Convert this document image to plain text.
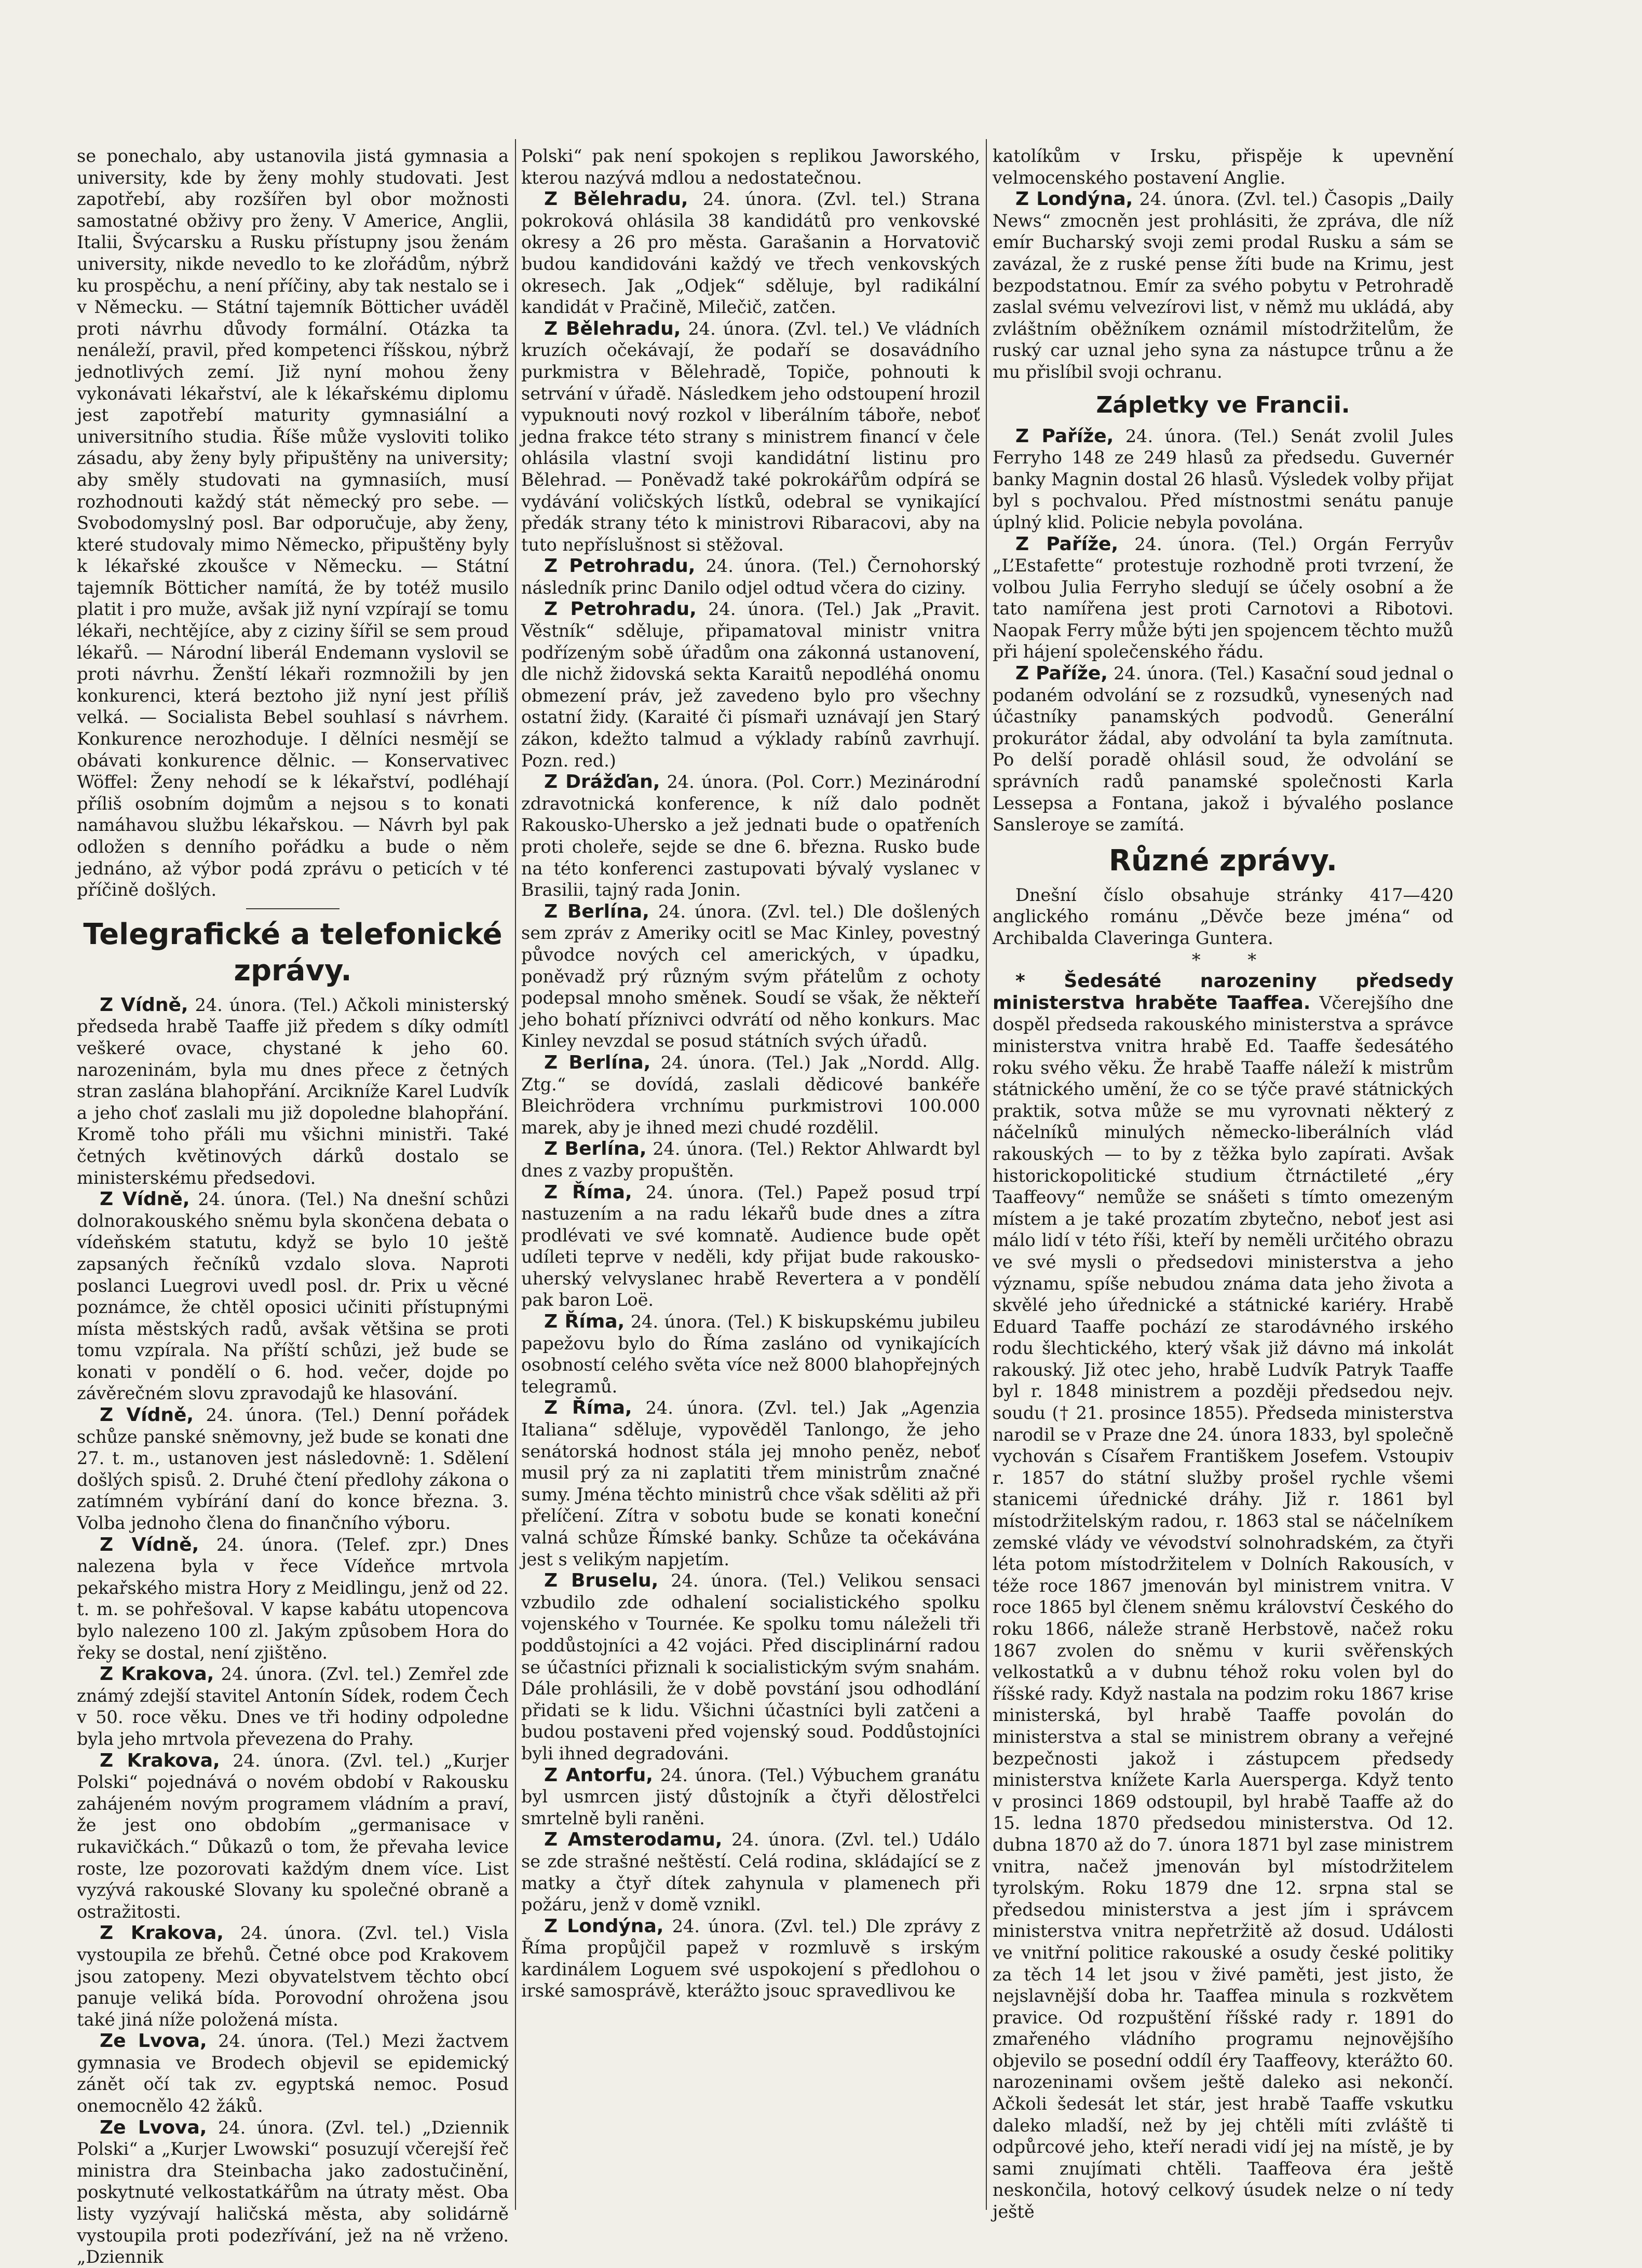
se ponechalo, aby ustanovila jistá gymnasia a university, kde by ženy mohly studovati. Jest zapotřebí, aby rozšířen byl obor možnosti samostatné obživy pro ženy. V Americe, Anglii, Italii, Švýcarsku a Rusku přístupny jsou ženám university, nikde nevedlo to ke zlořádům, nýbrž ku prospěchu, a není příčiny, aby tak nestalo se i v Německu. — Státní tajemník Bötticher uváděl proti návrhu důvody formální. Otázka ta nenáleží, pravil, před kompetenci říšskou, nýbrž jednotlivých zemí. Již nyní mohou ženy vykonávati lékařství, ale k lékařskému diplomu jest zapotřebí maturity gymnasiální a universitního studia. Říše může vysloviti toliko zásadu, aby ženy byly připuštěny na university; aby směly studovati na gymnasiích, musí rozhodnouti každý stát německý pro sebe. — Svobodomyslný posl. Bar odporučuje, aby ženy, které studovaly mimo Německo, připuštěny byly k lékařské zkoušce v Německu. — Státní tajemník Bötticher namítá, že by totéž musilo platit i pro muže, avšak již nyní vzpírají se tomu lékaři, nechtějíce, aby z ciziny šířil se sem proud lékařů. — Národní liberál Endemann vyslovil se proti návrhu. Ženští lékaři rozmnožili by jen konkurenci, která beztoho již nyní jest příliš velká. — Socialista Bebel souhlasí s návrhem. Konkurence nerozhoduje. I dělníci nesmějí se obávati konkurence dělnic. — Konservativec Wöffel: Ženy nehodí se k lékařství, podléhají příliš osobním dojmům a nejsou s to konati namáhavou službu lékařskou. — Návrh byl pak odložen s denního pořádku a bude o něm jednáno, až výbor podá zprávu o peticích v té příčině došlých.

Telegrafické a telefonické zprávy.

Z Vídně, 24. února. (Tel.) Ačkoli ministerský předseda hrabě Taaffe již předem s díky odmítl veškeré ovace, chystané k jeho 60. narozeninám, byla mu dnes přece z četných stran zaslána blahopřání. Arcikníže Karel Ludvík a jeho choť zaslali mu již dopoledne blahopřání. Kromě toho přáli mu všichni ministři. Také četných květinových dárků dostalo se ministerskému předsedovi.

Z Vídně, 24. února. (Tel.) Na dnešní schůzi dolnorakouského sněmu byla skončena debata o vídeňském statutu, když se bylo 10 ještě zapsaných řečníků vzdalo slova. Naproti poslanci Luegrovi uvedl posl. dr. Prix u věcné poznámce, že chtěl oposici učiniti přístupnými místa městských radů, avšak většina se proti tomu vzpírala. Na příští schůzi, jež bude se konati v pondělí o 6. hod. večer, dojde po závěrečném slovu zpravodajů ke hlasování.

Z Vídně, 24. února. (Tel.) Denní pořádek schůze panské sněmovny, jež bude se konati dne 27. t. m., ustanoven jest následovně: 1. Sdělení došlých spisů. 2. Druhé čtení předlohy zákona o zatímném vybírání daní do konce března. 3. Volba jednoho člena do finančního výboru.

Z Vídně, 24. února. (Telef. zpr.) Dnes nalezena byla v řece Vídeňce mrtvola pekařského mistra Hory z Meidlingu, jenž od 22. t. m. se pohřešoval. V kapse kabátu utopencova bylo nalezeno 100 zl. Jakým způsobem Hora do řeky se dostal, není zjištěno.

Z Krakova, 24. února. (Zvl. tel.) Zemřel zde známý zdejší stavitel Antonín Sídek, rodem Čech v 50. roce věku. Dnes ve tři hodiny odpoledne byla jeho mrtvola převezena do Prahy.

Z Krakova, 24. února. (Zvl. tel.) „Kurjer Polski“ pojednává o novém období v Rakousku zahájeném novým programem vládním a praví, že jest ono obdobím „germanisace v rukavičkách.“ Důkazů o tom, že převaha levice roste, lze pozorovati každým dnem více. List vyzývá rakouské Slovany ku společné obraně a ostražitosti.

Z Krakova, 24. února. (Zvl. tel.) Visla vystoupila ze břehů. Četné obce pod Krakovem jsou zatopeny. Mezi obyvatelstvem těchto obcí panuje veliká bída. Porovodní ohrožena jsou také jiná níže položená místa.

Ze Lvova, 24. února. (Tel.) Mezi žactvem gymnasia ve Brodech objevil se epidemický zánět očí tak zv. egyptská nemoc. Posud onemocnělo 42 žáků.

Ze Lvova, 24. února. (Zvl. tel.) „Dziennik Polski“ a „Kurjer Lwowski“ posuzují včerejší řeč ministra dra Steinbacha jako zadostučinění, poskytnuté velkostatkářům na útraty měst. Oba listy vyzývají haličská města, aby solidárně vystoupila proti podezřívání, jež na ně vrženo. „Dziennik

Polski“ pak není spokojen s replikou Jaworského, kterou nazývá mdlou a nedostatečnou.

Z Bělehradu, 24. února. (Zvl. tel.) Strana pokroková ohlásila 38 kandidátů pro venkovské okresy a 26 pro města. Garašanin a Horvatovič budou kandidováni každý ve třech venkovských okresech. Jak „Odjek“ sděluje, byl radikální kandidát v Pračině, Milečič, zatčen.

Z Bělehradu, 24. února. (Zvl. tel.) Ve vládních kruzích očekávají, že podaří se dosavádního purkmistra v Bělehradě, Topiče, pohnouti k setrvání v úřadě. Následkem jeho odstoupení hrozil vypuknouti nový rozkol v liberálním táboře, neboť jedna frakce této strany s ministrem financí v čele ohlásila vlastní svoji kandidátní listinu pro Bělehrad. — Poněvadž také pokrokářům odpírá se vydávání voličských lístků, odebral se vynikající předák strany této k ministrovi Ribaracovi, aby na tuto nepříslušnost si stěžoval.

Z Petrohradu, 24. února. (Tel.) Černohorský následník princ Danilo odjel odtud včera do ciziny.

Z Petrohradu, 24. února. (Tel.) Jak „Pravit. Věstník“ sděluje, připamatoval ministr vnitra podřízeným sobě úřadům ona zákonná ustanovení, dle nichž židovská sekta Karaitů nepodléhá onomu obmezení práv, jež zavedeno bylo pro všechny ostatní židy. (Karaité či písmaři uznávají jen Starý zákon, kdežto talmud a výklady rabínů zavrhují. Pozn. red.)

Z Drážďan, 24. února. (Pol. Corr.) Mezinárodní zdravotnická konference, k níž dalo podnět Rakousko-Uhersko a jež jednati bude o opatřeních proti choleře, sejde se dne 6. března. Rusko bude na této konferenci zastupovati bývalý vyslanec v Brasilii, tajný rada Jonin.

Z Berlína, 24. února. (Zvl. tel.) Dle došlených sem zpráv z Ameriky ocitl se Mac Kinley, povestný původce nových cel amerických, v úpadku, poněvadž prý různým svým přátelům z ochoty podepsal mnoho směnek. Soudí se však, že někteří jeho bohatí příznivci odvrátí od něho konkurs. Mac Kinley nevzdal se posud státních svých úřadů.

Z Berlína, 24. února. (Tel.) Jak „Nordd. Allg. Ztg.“ se dovídá, zaslali dědicové bankéře Bleichrödera vrchnímu purkmistrovi 100.000 marek, aby je ihned mezi chudé rozdělil.

Z Berlína, 24. února. (Tel.) Rektor Ahlwardt byl dnes z vazby propuštěn.

Z Říma, 24. února. (Tel.) Papež posud trpí nastuzením a na radu lékařů bude dnes a zítra prodlévati ve své komnatě. Audience bude opět udíleti teprve v neděli, kdy přijat bude rakousko-uherský velvyslanec hrabě Revertera a v pondělí pak baron Loë.

Z Říma, 24. února. (Tel.) K biskupskému jubileu papežovu bylo do Říma zasláno od vynikajících osobností celého světa více než 8000 blahopřejných telegramů.

Z Říma, 24. února. (Zvl. tel.) Jak „Agenzia Italiana“ sděluje, vypověděl Tanlongo, že jeho senátorská hodnost stála jej mnoho peněz, neboť musil prý za ni zaplatiti třem ministrům značné sumy. Jména těchto ministrů chce však sděliti až při přelíčení. Zítra v sobotu bude se konati koneční valná schůze Římské banky. Schůze ta očekávána jest s velikým napjetím.

Z Bruselu, 24. února. (Tel.) Velikou sensaci vzbudilo zde odhalení socialistického spolku vojenského v Tournée. Ke spolku tomu náleželi tři poddůstojníci a 42 vojáci. Před disciplinární radou se účastníci přiznali k socialistickým svým snahám. Dále prohlásili, že v době povstání jsou odhodlání přidati se k lidu. Všichni účastníci byli zatčeni a budou postaveni před vojenský soud. Poddůstojníci byli ihned degradováni.

Z Antorfu, 24. února. (Tel.) Výbuchem granátu byl usmrcen jistý důstojník a čtyři dělostřelci smrtelně byli raněni.

Z Amsterodamu, 24. února. (Zvl. tel.) Událo se zde strašné neštěstí. Celá rodina, skládající se z matky a čtyř dítek zahynula v plamenech při požáru, jenž v domě vznikl.

Z Londýna, 24. února. (Zvl. tel.) Dle zprávy z Říma propůjčil papež v rozmluvě s irským kardinálem Loguem své uspokojení s předlohou o irské samosprávě, kterážto jsouc spravedlivou ke

katolíkům v Irsku, přispěje k upevnění velmocenského postavení Anglie.

Z Londýna, 24. února. (Zvl. tel.) Časopis „Daily News“ zmocněn jest prohlásiti, že zpráva, dle níž emír Bucharský svoji zemi prodal Rusku a sám se zavázal, že z ruské pense žíti bude na Krimu, jest bezpodstatnou. Emír za svého pobytu v Petrohradě zaslal svému velvezírovi list, v němž mu ukládá, aby zvláštním oběžníkem oznámil místodržitelům, že ruský car uznal jeho syna za nástupce trůnu a že mu přislíbil svoji ochranu.

Zápletky ve Francii.

Z Paříže, 24. února. (Tel.) Senát zvolil Jules Ferryho 148 ze 249 hlasů za předsedu. Guvernér banky Magnin dostal 26 hlasů. Výsledek volby přijat byl s pochvalou. Před místnostmi senátu panuje úplný klid. Policie nebyla povolána.

Z Paříže, 24. února. (Tel.) Orgán Ferryův „L’Estafette“ protestuje rozhodně proti tvrzení, že volbou Julia Ferryho sledují se účely osobní a že tato namířena jest proti Carnotovi a Ribotovi. Naopak Ferry může býti jen spojencem těchto mužů při hájení společenského řádu.

Z Paříže, 24. února. (Tel.) Kasační soud jednal o podaném odvolání se z rozsudků, vynesených nad účastníky panamských podvodů. Generální prokurátor žádal, aby odvolání ta byla zamítnuta. Po delší poradě ohlásil soud, že odvolání se správních radů panamské společnosti Karla Lessepsa a Fontana, jakož i bývalého poslance Sansleroye se zamítá.

Různé zprávy.

Dnešní číslo obsahuje stránky 417—420 anglického románu „Děvče beze jména“ od Archibalda Claveringa Guntera.

* *

* Šedesáté narozeniny předsedy ministerstva hraběte Taaffea. Včerejšího dne dospěl předseda rakouského ministerstva a správce ministerstva vnitra hrabě Ed. Taaffe šedesátého roku svého věku. Že hrabě Taaffe náleží k mistrům státnického umění, že co se týče pravé státnických praktik, sotva může se mu vyrovnati některý z náčelníků minulých německo-liberálních vlád rakouských — to by z těžka bylo zapírati. Avšak historickopolitické studium čtrnáctileté „éry Taaffeovy“ nemůže se snášeti s tímto omezeným místem a je také prozatím zbytečno, neboť jest asi málo lidí v této říši, kteří by neměli určitého obrazu ve své mysli o předsedovi ministerstva a jeho významu, spíše nebudou známa data jeho života a skvělé jeho úřednické a státnické kariéry. Hrabě Eduard Taaffe pochází ze starodávného irského rodu šlechtického, který však již dávno má inkolát rakouský. Již otec jeho, hrabě Ludvík Patryk Taaffe byl r. 1848 ministrem a později předsedou nejv. soudu († 21. prosince 1855). Předseda ministerstva narodil se v Praze dne 24. února 1833, byl společně vychován s Císařem Františkem Josefem. Vstoupiv r. 1857 do státní služby prošel rychle všemi stanicemi úřednické dráhy. Již r. 1861 byl místodržitelským radou, r. 1863 stal se náčelníkem zemské vlády ve vévodství solnohradském, za čtyři léta potom místodržitelem v Dolních Rakousích, v téže roce 1867 jmenován byl ministrem vnitra. V roce 1865 byl členem sněmu království Českého do roku 1866, náleže straně Herbstově, načež roku 1867 zvolen do sněmu v kurii svěřenských velkostatků a v dubnu téhož roku volen byl do říšské rady. Když nastala na podzim roku 1867 krise ministerská, byl hrabě Taaffe povolán do ministerstva a stal se ministrem obrany a veřejné bezpečnosti jakož i zástupcem předsedy ministerstva knížete Karla Auersperga. Když tento v prosinci 1869 odstoupil, byl hrabě Taaffe až do 15. ledna 1870 předsedou ministerstva. Od 12. dubna 1870 až do 7. února 1871 byl zase ministrem vnitra, načež jmenován byl místodržitelem tyrolským. Roku 1879 dne 12. srpna stal se předsedou ministerstva a jest jím i správcem ministerstva vnitra nepřetržitě až dosud. Události ve vnitřní politice rakouské a osudy české politiky za těch 14 let jsou v živé paměti, jest jisto, že nejslavnější doba hr. Taaffea minula s rozkvětem pravice. Od rozpuštění říšské rady r. 1891 do zmařeného vládního programu nejnovějšího objevilo se posední oddíl éry Taaffeovy, kterážto 60. narozeninami ovšem ještě daleko asi nekončí. Ačkoli šedesát let stár, jest hrabě Taaffe vskutku daleko mladší, než by jej chtěli míti zvláště ti odpůrcové jeho, kteří neradi vidí jej na místě, je by sami znujímati chtěli. Taaffeova éra ještě neskončila, hotový celkový úsudek nelze o ní tedy ještě
